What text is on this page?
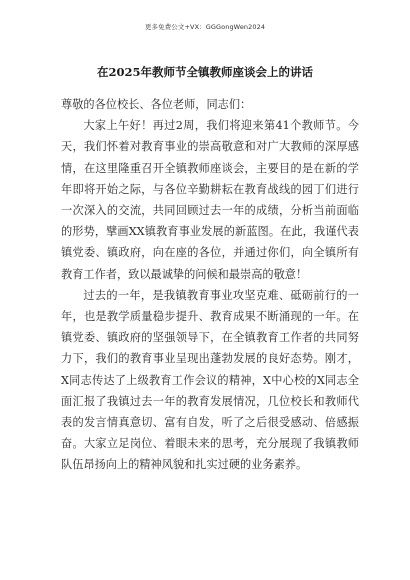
更多免费公文+VX：GGGongWen2024
在2025年教师节全镇教师座谈会上的讲话

尊敬的各位校长、各位老师，同志们：

大家上午好！再过2周，我们将迎来第41个教师节。今天，我们怀着对教育事业的崇高敬意和对广大教师的深厚感情，在这里隆重召开全镇教师座谈会，主要目的是在新的学年即将开始之际，与各位辛勤耕耘在教育战线的园丁们进行一次深入的交流，共同回顾过去一年的成绩，分析当前面临的形势，擘画XX镇教育事业发展的新蓝图。在此，我谨代表镇党委、镇政府，向在座的各位，并通过你们，向全镇所有教育工作者，致以最诚挚的问候和最崇高的敬意！

过去的一年，是我镇教育事业攻坚克难、砥砺前行的一年，也是教学质量稳步提升、教育成果不断涌现的一年。在镇党委、镇政府的坚强领导下，在全镇教育工作者的共同努力下，我们的教育事业呈现出蓬勃发展的良好态势。刚才，X同志传达了上级教育工作会议的精神，X中心校的X同志全面汇报了我镇过去一年的教育发展情况，几位校长和教师代表的发言情真意切、富有自发，听了之后很受感动、倍感振奋。大家立足岗位、着眼未来的思考，充分展现了我镇教师队伍昂扬向上的精神风貌和扎实过硬的业务素养。
